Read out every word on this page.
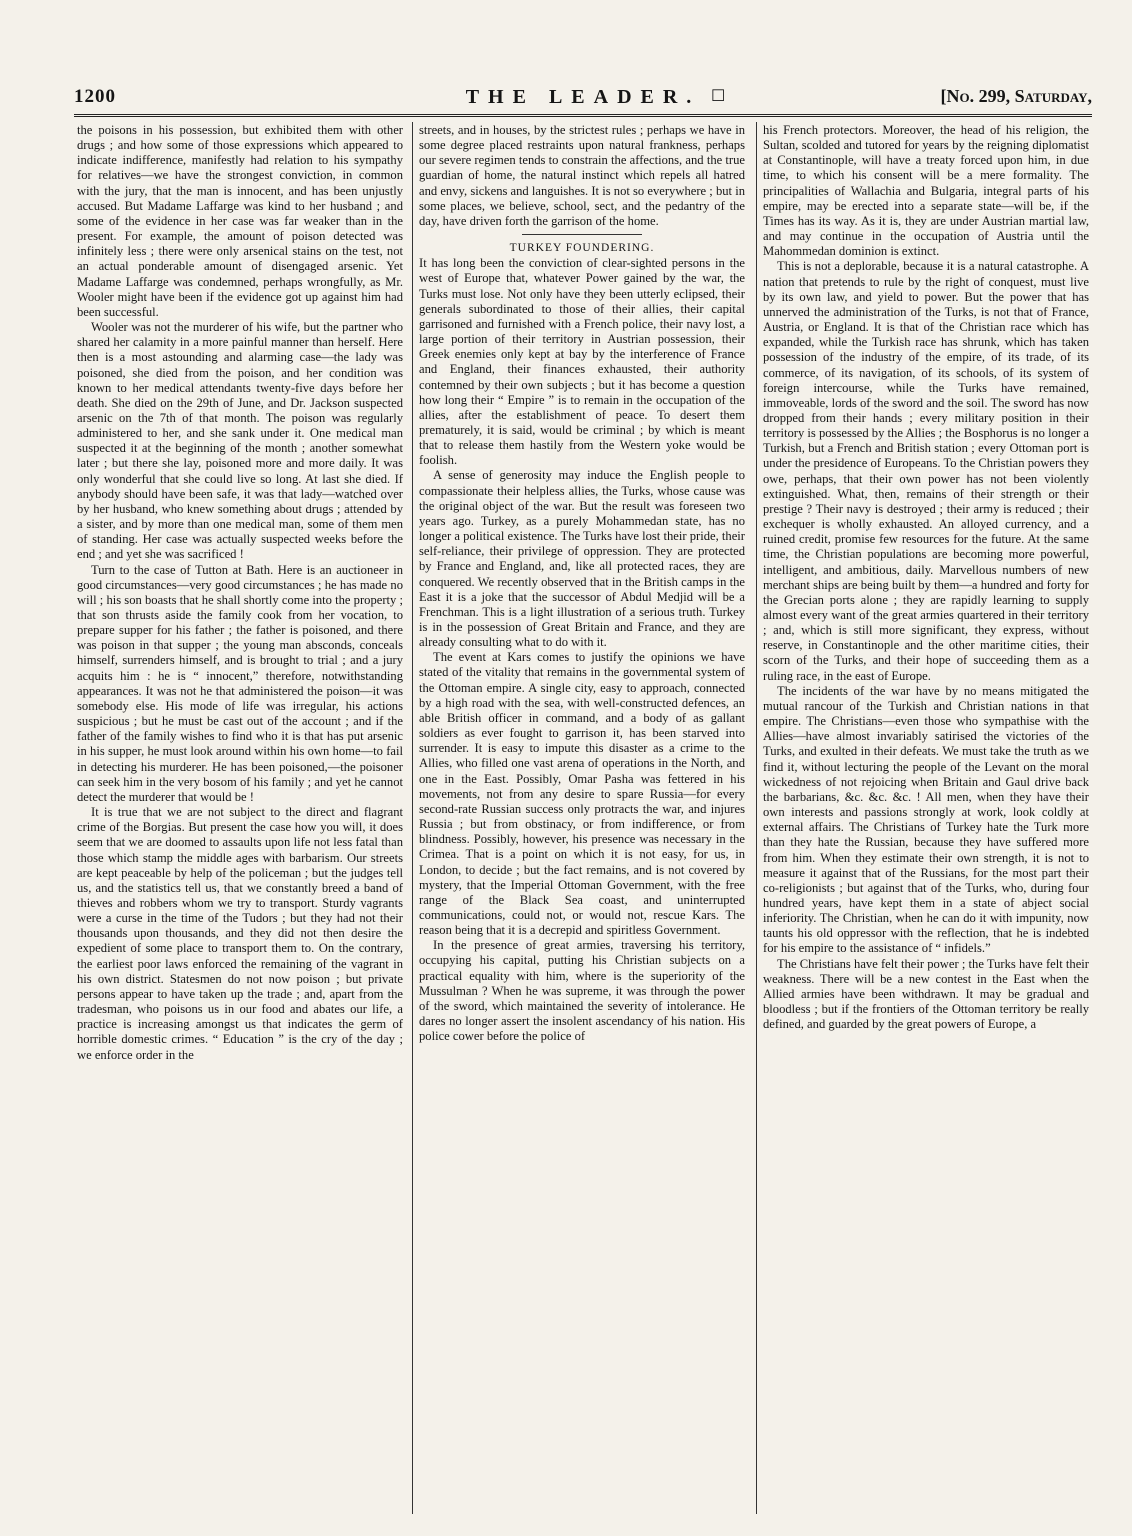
1200	THE LEADER. ☐	[No. 299, Saturday,

the poisons in his possession, but exhibited them with other drugs ; and how some of those expressions which appeared to indicate indifference, manifestly had relation to his sympathy for relatives—we have the strongest conviction, in common with the jury, that the man is innocent, and has been unjustly accused. But Madame Laffarge was kind to her husband ; and some of the evidence in her case was far weaker than in the present. For example, the amount of poison detected was infinitely less ; there were only arsenical stains on the test, not an actual ponderable amount of disengaged arsenic. Yet Madame Laffarge was condemned, perhaps wrongfully, as Mr. Wooler might have been if the evidence got up against him had been successful.

Wooler was not the murderer of his wife, but the partner who shared her calamity in a more painful manner than herself. Here then is a most astounding and alarming case—the lady was poisoned, she died from the poison, and her condition was known to her medical attendants twenty-five days before her death. She died on the 29th of June, and Dr. Jackson suspected arsenic on the 7th of that month. The poison was regularly administered to her, and she sank under it. One medical man suspected it at the beginning of the month ; another somewhat later ; but there she lay, poisoned more and more daily. It was only wonderful that she could live so long. At last she died. If anybody should have been safe, it was that lady—watched over by her husband, who knew something about drugs ; attended by a sister, and by more than one medical man, some of them men of standing. Her case was actually suspected weeks before the end ; and yet she was sacrificed !

Turn to the case of Tutton at Bath. Here is an auctioneer in good circumstances—very good circumstances ; he has made no will ; his son boasts that he shall shortly come into the property ; that son thrusts aside the family cook from her vocation, to prepare supper for his father ; the father is poisoned, and there was poison in that supper ; the young man absconds, conceals himself, surrenders himself, and is brought to trial ; and a jury acquits him : he is “ innocent,” therefore, notwithstanding appearances. It was not he that administered the poison—it was somebody else. His mode of life was irregular, his actions suspicious ; but he must be cast out of the account ; and if the father of the family wishes to find who it is that has put arsenic in his supper, he must look around within his own home—to fail in detecting his murderer. He has been poisoned,—the poisoner can seek him in the very bosom of his family ; and yet he cannot detect the murderer that would be !

It is true that we are not subject to the direct and flagrant crime of the Borgias. But present the case how you will, it does seem that we are doomed to assaults upon life not less fatal than those which stamp the middle ages with barbarism. Our streets are kept peaceable by help of the policeman ; but the judges tell us, and the statistics tell us, that we constantly breed a band of thieves and robbers whom we try to transport. Sturdy vagrants were a curse in the time of the Tudors ; but they had not their thousands upon thousands, and they did not then desire the expedient of some place to transport them to. On the contrary, the earliest poor laws enforced the remaining of the vagrant in his own district. Statesmen do not now poison ; but private persons appear to have taken up the trade ; and, apart from the tradesman, who poisons us in our food and abates our life, a practice is increasing amongst us that indicates the germ of horrible domestic crimes. “ Education ” is the cry of the day ; we enforce order in the

streets, and in houses, by the strictest rules ; perhaps we have in some degree placed restraints upon natural frankness, perhaps our severe regimen tends to constrain the affections, and the true guardian of home, the natural instinct which repels all hatred and envy, sickens and languishes. It is not so everywhere ; but in some places, we believe, school, sect, and the pedantry of the day, have driven forth the garrison of the home.

TURKEY FOUNDERING.

It has long been the conviction of clear-sighted persons in the west of Europe that, whatever Power gained by the war, the Turks must lose. Not only have they been utterly eclipsed, their generals subordinated to those of their allies, their capital garrisoned and furnished with a French police, their navy lost, a large portion of their territory in Austrian possession, their Greek enemies only kept at bay by the interference of France and England, their finances exhausted, their authority contemned by their own subjects ; but it has become a question how long their “ Empire ” is to remain in the occupation of the allies, after the establishment of peace. To desert them prematurely, it is said, would be criminal ; by which is meant that to release them hastily from the Western yoke would be foolish.

A sense of generosity may induce the English people to compassionate their helpless allies, the Turks, whose cause was the original object of the war. But the result was foreseen two years ago. Turkey, as a purely Mohammedan state, has no longer a political existence. The Turks have lost their pride, their self-reliance, their privilege of oppression. They are protected by France and England, and, like all protected races, they are conquered. We recently observed that in the British camps in the East it is a joke that the successor of Abdul Medjid will be a Frenchman. This is a light illustration of a serious truth. Turkey is in the possession of Great Britain and France, and they are already consulting what to do with it.

The event at Kars comes to justify the opinions we have stated of the vitality that remains in the governmental system of the Ottoman empire. A single city, easy to approach, connected by a high road with the sea, with well-constructed defences, an able British officer in command, and a body of as gallant soldiers as ever fought to garrison it, has been starved into surrender. It is easy to impute this disaster as a crime to the Allies, who filled one vast arena of operations in the North, and one in the East. Possibly, Omar Pasha was fettered in his movements, not from any desire to spare Russia—for every second-rate Russian success only protracts the war, and injures Russia ; but from obstinacy, or from indifference, or from blindness. Possibly, however, his presence was necessary in the Crimea. That is a point on which it is not easy, for us, in London, to decide ; but the fact remains, and is not covered by mystery, that the Imperial Ottoman Government, with the free range of the Black Sea coast, and uninterrupted communications, could not, or would not, rescue Kars. The reason being that it is a decrepid and spiritless Government.

In the presence of great armies, traversing his territory, occupying his capital, putting his Christian subjects on a practical equality with him, where is the superiority of the Mussulman ? When he was supreme, it was through the power of the sword, which maintained the severity of intolerance. He dares no longer assert the insolent ascendancy of his nation. His police cower before the police of

his French protectors. Moreover, the head of his religion, the Sultan, scolded and tutored for years by the reigning diplomatist at Constantinople, will have a treaty forced upon him, in due time, to which his consent will be a mere formality. The principalities of Wallachia and Bulgaria, integral parts of his empire, may be erected into a separate state—will be, if the Times has its way. As it is, they are under Austrian martial law, and may continue in the occupation of Austria until the Mahommedan dominion is extinct.

This is not a deplorable, because it is a natural catastrophe. A nation that pretends to rule by the right of conquest, must live by its own law, and yield to power. But the power that has unnerved the administration of the Turks, is not that of France, Austria, or England. It is that of the Christian race which has expanded, while the Turkish race has shrunk, which has taken possession of the industry of the empire, of its trade, of its commerce, of its navigation, of its schools, of its system of foreign intercourse, while the Turks have remained, immoveable, lords of the sword and the soil. The sword has now dropped from their hands ; every military position in their territory is possessed by the Allies ; the Bosphorus is no longer a Turkish, but a French and British station ; every Ottoman port is under the presidence of Europeans. To the Christian powers they owe, perhaps, that their own power has not been violently extinguished. What, then, remains of their strength or their prestige ? Their navy is destroyed ; their army is reduced ; their exchequer is wholly exhausted. An alloyed currency, and a ruined credit, promise few resources for the future. At the same time, the Christian populations are becoming more powerful, intelligent, and ambitious, daily. Marvellous numbers of new merchant ships are being built by them—a hundred and forty for the Grecian ports alone ; they are rapidly learning to supply almost every want of the great armies quartered in their territory ; and, which is still more significant, they express, without reserve, in Constantinople and the other maritime cities, their scorn of the Turks, and their hope of succeeding them as a ruling race, in the east of Europe.

The incidents of the war have by no means mitigated the mutual rancour of the Turkish and Christian nations in that empire. The Christians—even those who sympathise with the Allies—have almost invariably satirised the victories of the Turks, and exulted in their defeats. We must take the truth as we find it, without lecturing the people of the Levant on the moral wickedness of not rejoicing when Britain and Gaul drive back the barbarians, &c. &c. &c. ! All men, when they have their own interests and passions strongly at work, look coldly at external affairs. The Christians of Turkey hate the Turk more than they hate the Russian, because they have suffered more from him. When they estimate their own strength, it is not to measure it against that of the Russians, for the most part their co-religionists ; but against that of the Turks, who, during four hundred years, have kept them in a state of abject social inferiority. The Christian, when he can do it with impunity, now taunts his old oppressor with the reflection, that he is indebted for his empire to the assistance of “ infidels.”

The Christians have felt their power ; the Turks have felt their weakness. There will be a new contest in the East when the Allied armies have been withdrawn. It may be gradual and bloodless ; but if the frontiers of the Ottoman territory be really defined, and guarded by the great powers of Europe, a
